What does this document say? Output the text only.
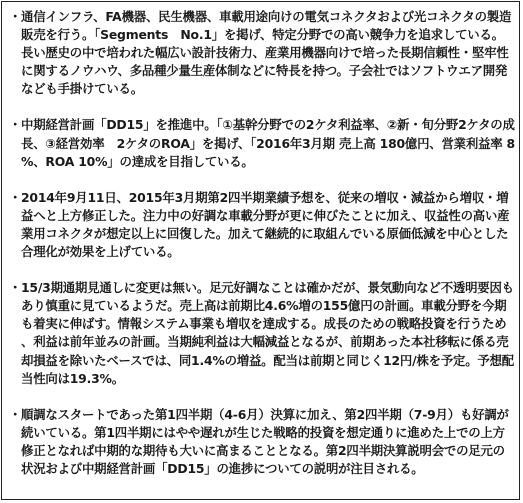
・ 通信インフラ、FA機器、民生機器、車載用途向けの電気コネクタおよび光コネクタの製造販売を行う。「Segments　No.1」を掲げ、特定分野での高い競争力を追求している。長い歴史の中で培われた幅広い設計技術力、産業用機器向けで培った長期信頼性・堅牢性に関するノウハウ、多品種少量生産体制などに特長を持つ。子会社ではソフトウエア開発なども手掛けている。

・ 中期経営計画「DD15」を推進中。「①基幹分野での2ケタ利益率、②新・旬分野2ケタの成長、③経営効率　2ケタのROA」を掲げ、「2016年3月期 売上高 180億円、営業利益率 8%、ROA 10%」の達成を目指している。

・ 2014年9月11日、2015年3月期第2四半期業績予想を、従来の増収・減益から増収・増益へと上方修正した。注力中の好調な車載分野が更に伸びたことに加え、収益性の高い産業用コネクタが想定以上に回復した。加えて継続的に取組んでいる原価低減を中心とした合理化が効果を上げている。

・ 15/3期通期見通しに変更は無い。足元好調なことは確かだが、景気動向など不透明要因もあり慎重に見ているようだ。売上高は前期比4.6%増の155億円の計画。車載分野を今期も着実に伸ばす。情報システム事業も増収を達成する。成長のための戦略投資を行うため、利益は前年並みの計画。当期純利益は大幅減益となるが、前期あった本社移転に係る売却損益を除いたベースでは、同1.4%の増益。配当は前期と同じく12円/株を予定。予想配当性向は19.3%。

・ 順調なスタートであった第1四半期（4-6月）決算に加え、第2四半期（7-9月）も好調が続いている。第1四半期にはやや遅れが生じた戦略的投資を想定通りに進めた上での上方修正となれば中期的な期待も大いに高まることとなる。第2四半期決算説明会での足元の状況および中期経営計画「DD15」の進捗についての説明が注目される。
